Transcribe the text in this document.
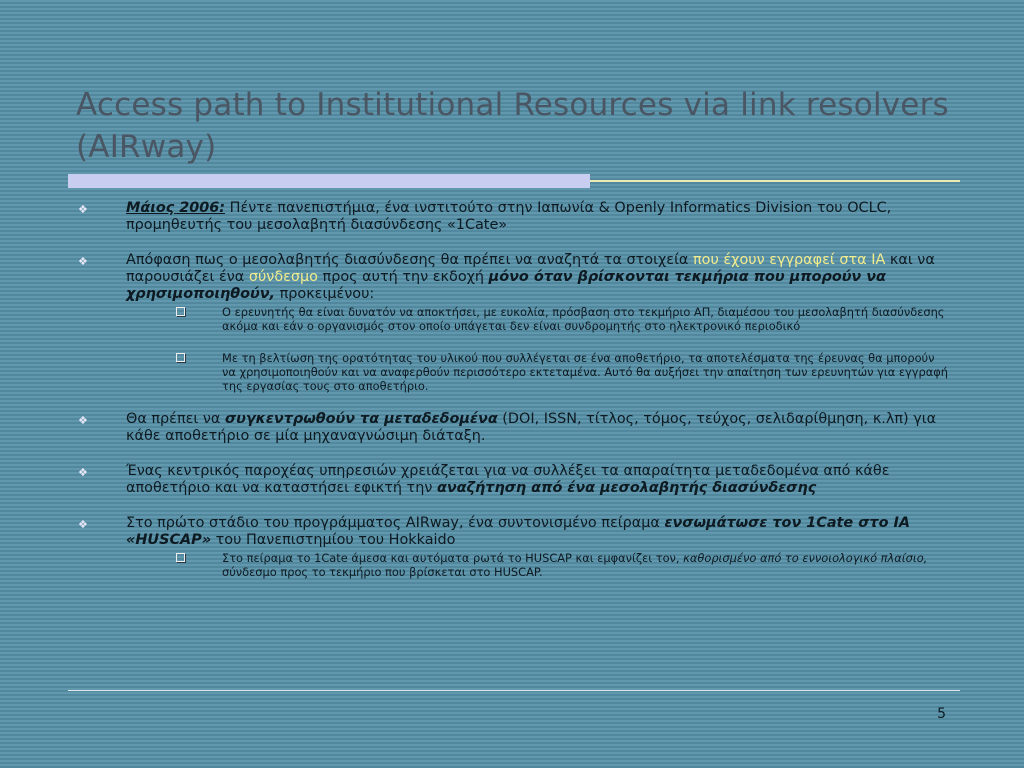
Access path to Institutional Resources via link resolvers (AIRway)
❖	Μάιος 2006: Πέντε πανεπιστήμια, ένα ινστιτούτο στην Ιαπωνία & Openly Informatics Division του OCLC, προμηθευτής του μεσολαβητή διασύνδεσης «1Cate»
❖	Απόφαση πως ο μεσολαβητής διασύνδεσης θα πρέπει να αναζητά τα στοιχεία που έχουν εγγραφεί στα ΙΑ και να παρουσιάζει ένα σύνδεσμο προς αυτή την εκδοχή μόνο όταν βρίσκονται τεκμήρια που μπορούν να χρησιμοποιηθούν, προκειμένου:
Ο ερευνητής θα είναι δυνατόν να αποκτήσει, με ευκολία, πρόσβαση στο τεκμήριο ΑΠ, διαμέσου του μεσολαβητή διασύνδεσης ακόμα και εάν ο οργανισμός στον οποίο υπάγεται δεν είναι συνδρομητής στο ηλεκτρονικό περιοδικό
Με τη βελτίωση της ορατότητας του υλικού που συλλέγεται σε ένα αποθετήριο, τα αποτελέσματα της έρευνας θα μπορούν να χρησιμοποιηθούν και να αναφερθούν περισσότερο εκτεταμένα. Αυτό θα αυξήσει την απαίτηση των ερευνητών για εγγραφή της εργασίας τους στο αποθετήριο.
❖	Θα πρέπει να συγκεντρωθούν τα μεταδεδομένα (DOI, ISSN, τίτλος, τόμος, τεύχος, σελιδαρίθμηση, κ.λπ) για κάθε αποθετήριο σε μία μηχαναγνώσιμη διάταξη.
❖	Ένας κεντρικός παροχέας υπηρεσιών χρειάζεται για να συλλέξει τα απαραίτητα μεταδεδομένα από κάθε αποθετήριο και να καταστήσει εφικτή την αναζήτηση από ένα μεσολαβητής διασύνδεσης
❖	Στο πρώτο στάδιο του προγράμματος AIRway, ένα συντονισμένο πείραμα ενσωμάτωσε τον 1Cate στο ΙΑ «HUSCAP» του Πανεπιστημίου του Hokkaido
Στο πείραμα το 1Cate άμεσα και αυτόματα ρωτά το HUSCAP και εμφανίζει τον, καθορισμένο από το εννοιολογικό πλαίσιο, σύνδεσμο προς το τεκμήριο που βρίσκεται στο HUSCAP.
5
